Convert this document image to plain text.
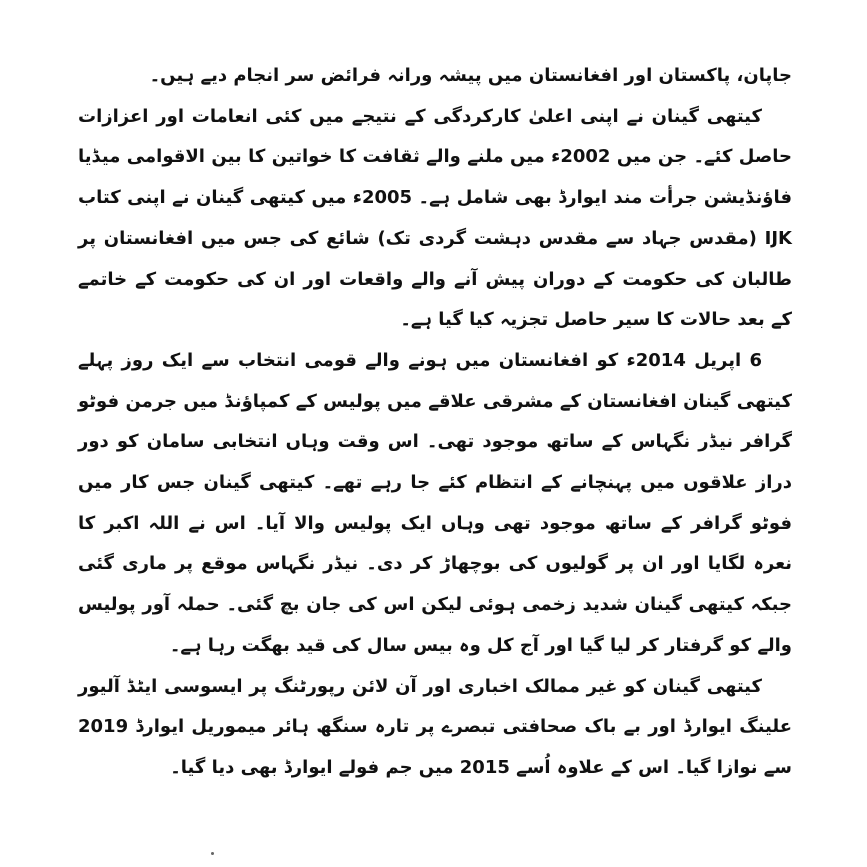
جاپان، پاکستان اور افغانستان میں پیشہ ورانہ فرائض سر انجام دیے ہیں۔

کیتھی گینان نے اپنی اعلیٰ کارکردگی کے نتیجے میں کئی انعامات اور اعزازات حاصل کئے۔ جن میں 2002ء میں ملنے والے ثقافت کا خواتین کا بین الاقوامی میڈیا فاؤنڈیشن جرأت مند ایوارڈ بھی شامل ہے۔ 2005ء میں کیتھی گینان نے اپنی کتاب IJK (مقدس جہاد سے مقدس دہشت گردی تک) شائع کی جس میں افغانستان پر طالبان کی حکومت کے دوران پیش آنے والے واقعات اور ان کی حکومت کے خاتمے کے بعد حالات کا سیر حاصل تجزیہ کیا گیا ہے۔

6 اپریل 2014ء کو افغانستان میں ہونے والے قومی انتخاب سے ایک روز پہلے کیتھی گینان افغانستان کے مشرقی علاقے میں پولیس کے کمپاؤنڈ میں جرمن فوٹو گرافر نیڈر نگہاس کے ساتھ موجود تھی۔ اس وقت وہاں انتخابی سامان کو دور دراز علاقوں میں پہنچانے کے انتظام کئے جا رہے تھے۔ کیتھی گینان جس کار میں فوٹو گرافر کے ساتھ موجود تھی وہاں ایک پولیس والا آیا۔ اس نے اللہ اکبر کا نعرہ لگایا اور ان پر گولیوں کی بوچھاڑ کر دی۔ نیڈر نگہاس موقع پر ماری گئی جبکہ کیتھی گینان شدید زخمی ہوئی لیکن اس کی جان بچ گئی۔ حملہ آور پولیس والے کو گرفتار کر لیا گیا اور آج کل وہ بیس سال کی قید بھگت رہا ہے۔

کیتھی گینان کو غیر ممالک اخباری اور آن لائن رپورٹنگ پر ایسوسی ایٹڈ آلیور علینگ ایوارڈ اور بے باک صحافتی تبصرے پر تارہ سنگھ ہائر میموریل ایوارڈ 2019 سے نوازا گیا۔ اس کے علاوہ اُسے 2015 میں جم فولے ایوارڈ بھی دیا گیا۔
